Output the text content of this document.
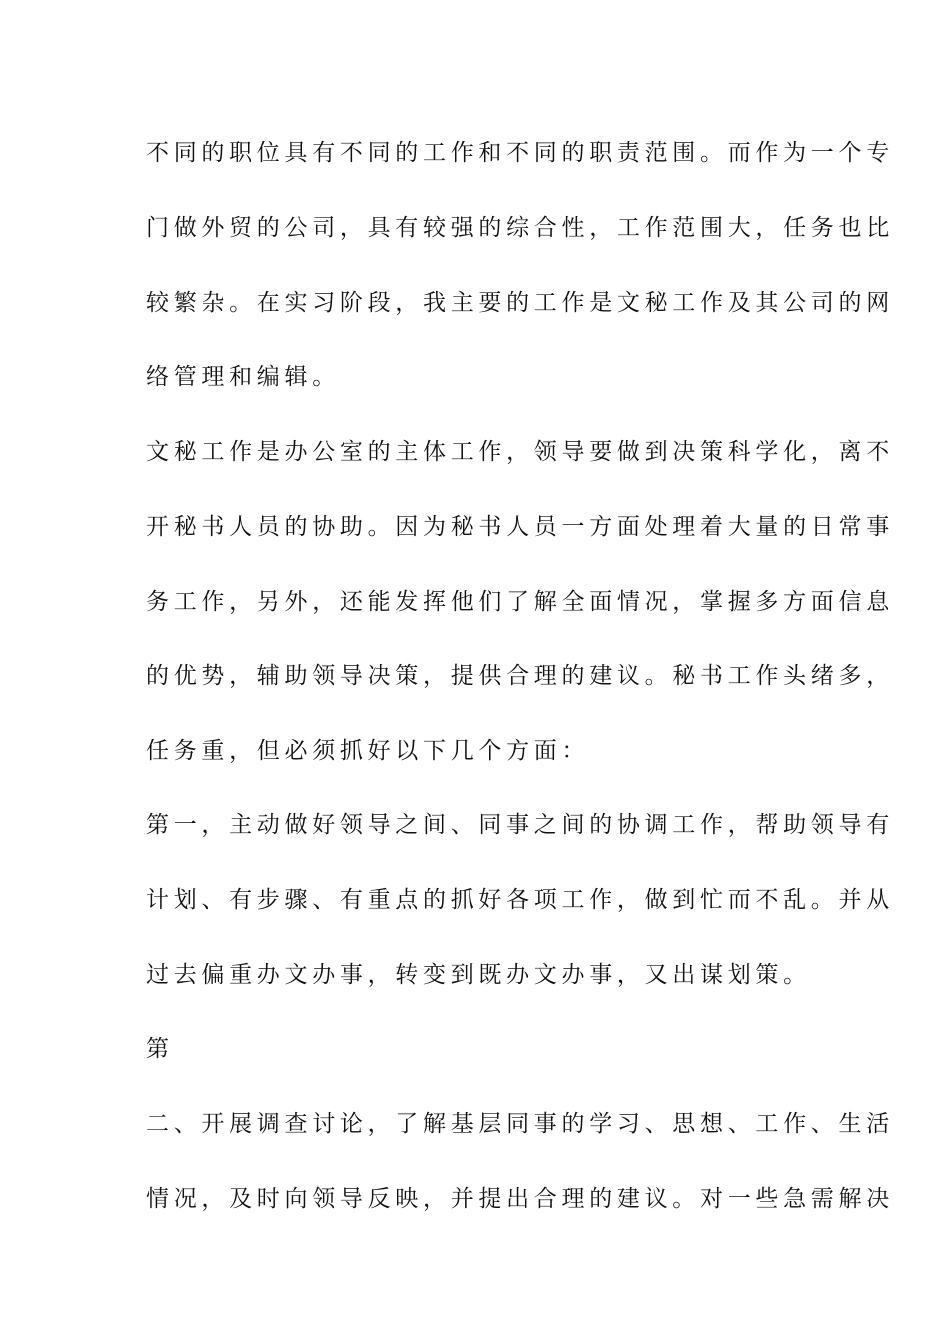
不同的职位具有不同的工作和不同的职责范围。而作为一个专
门做外贸的公司，具有较强的综合性，工作范围大，任务也比
较繁杂。在实习阶段，我主要的工作是文秘工作及其公司的网
络管理和编辑。
文秘工作是办公室的主体工作，领导要做到决策科学化，离不
开秘书人员的协助。因为秘书人员一方面处理着大量的日常事
务工作，另外，还能发挥他们了解全面情况，掌握多方面信息
的优势，辅助领导决策，提供合理的建议。秘书工作头绪多，
任务重，但必须抓好以下几个方面：
第一，主动做好领导之间、同事之间的协调工作，帮助领导有
计划、有步骤、有重点的抓好各项工作，做到忙而不乱。并从
过去偏重办文办事，转变到既办文办事，又出谋划策。
第
二、开展调查讨论，了解基层同事的学习、思想、工作、生活
情况，及时向领导反映，并提出合理的建议。对一些急需解决
